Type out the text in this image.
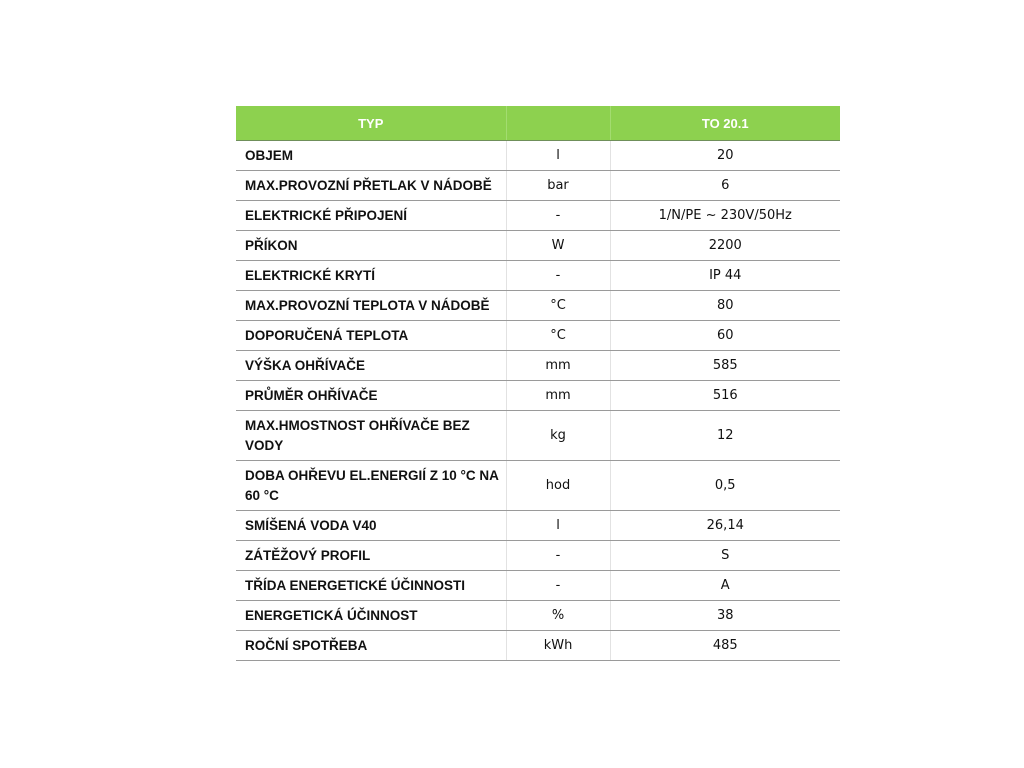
TYP		TO 20.1
OBJEM	l	20
MAX.PROVOZNÍ PŘETLAK V NÁDOBĚ	bar	6
ELEKTRICKÉ PŘIPOJENÍ	-	1/N/PE ~ 230V/50Hz
PŘÍKON	W	2200
ELEKTRICKÉ KRYTÍ	-	IP 44
MAX.PROVOZNÍ TEPLOTA V NÁDOBĚ	°C	80
DOPORUČENÁ TEPLOTA	°C	60
VÝŠKA OHŘÍVAČE	mm	585
PRŮMĚR OHŘÍVAČE	mm	516
MAX.HMOSTNOST OHŘÍVAČE BEZ VODY	kg	12
DOBA OHŘEVU EL.ENERGIÍ Z 10 °C NA 60 °C	hod	0,5
SMÍŠENÁ VODA V40	l	26,14
ZÁTĚŽOVÝ PROFIL	-	S
TŘÍDA ENERGETICKÉ ÚČINNOSTI	-	A
ENERGETICKÁ ÚČINNOST	%	38
ROČNÍ SPOTŘEBA	kWh	485
